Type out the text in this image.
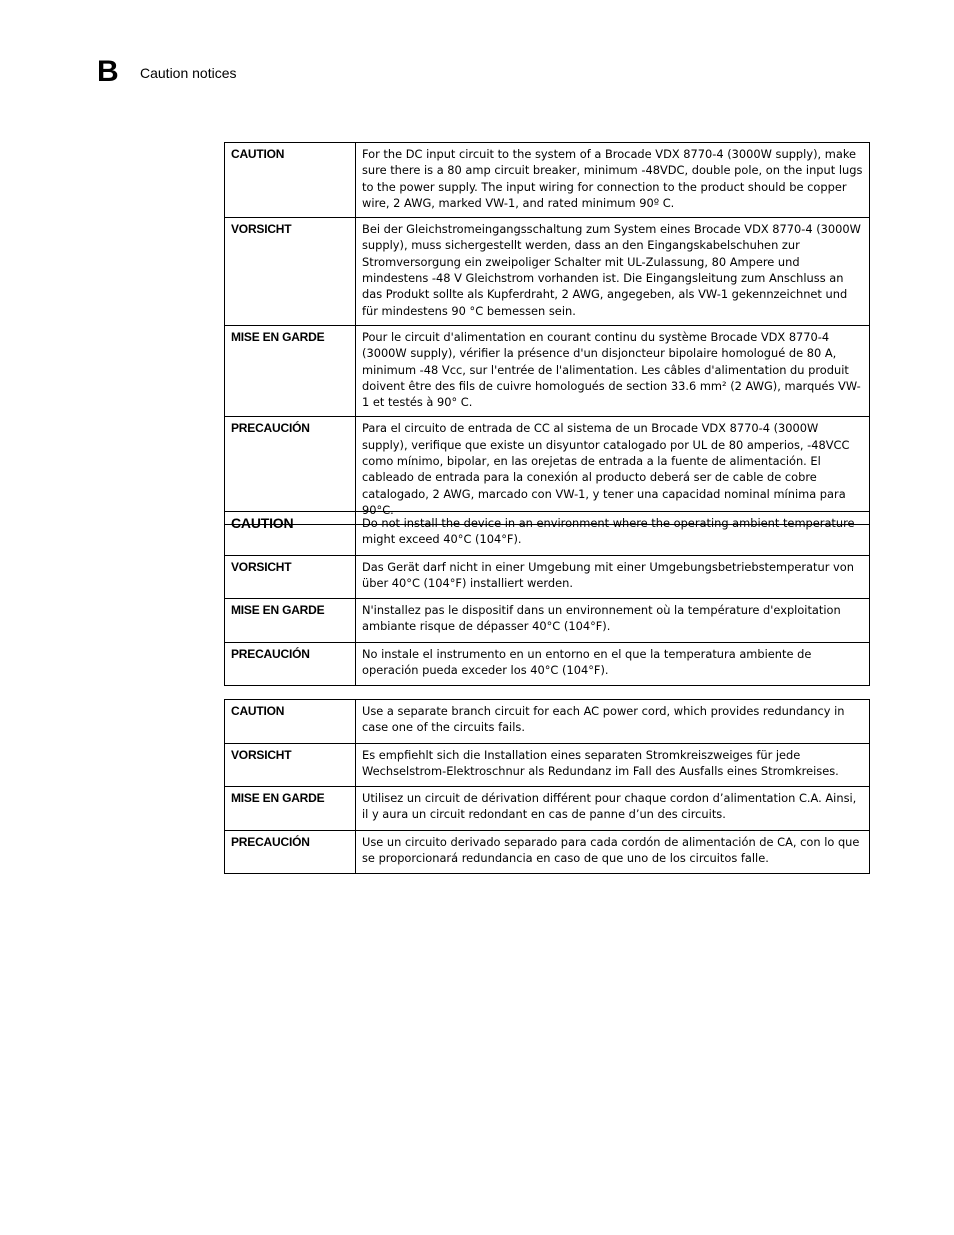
B Caution notices
CAUTION	For the DC input circuit to the system of a Brocade VDX 8770-4 (3000W supply), make sure there is a 80 amp circuit breaker, minimum -48VDC, double pole, on the input lugs to the power supply. The input wiring for connection to the product should be copper wire, 2 AWG, marked VW-1, and rated minimum 90º C.
VORSICHT	Bei der Gleichstromeingangsschaltung zum System eines Brocade VDX 8770-4 (3000W supply), muss sichergestellt werden, dass an den Eingangskabelschuhen zur Stromversorgung ein zweipoliger Schalter mit UL-Zulassung, 80 Ampere und mindestens -48 V Gleichstrom vorhanden ist. Die Eingangsleitung zum Anschluss an das Produkt sollte als Kupferdraht, 2 AWG, angegeben, als VW-1 gekennzeichnet und für mindestens 90 °C bemessen sein.
MISE EN GARDE	Pour le circuit d'alimentation en courant continu du système Brocade VDX 8770-4 (3000W supply), vérifier la présence d'un disjoncteur bipolaire homologué de 80 A, minimum -48 Vcc, sur l'entrée de l'alimentation. Les câbles d'alimentation du produit doivent être des fils de cuivre homologués de section 33.6 mm² (2 AWG), marqués VW-1 et testés à 90° C.
PRECAUCIÓN	Para el circuito de entrada de CC al sistema de un Brocade VDX 8770-4 (3000W supply), verifique que existe un disyuntor catalogado por UL de 80 amperios, -48VCC como mínimo, bipolar, en las orejetas de entrada a la fuente de alimentación. El cableado de entrada para la conexión al producto deberá ser de cable de cobre catalogado, 2 AWG, marcado con VW-1, y tener una capacidad nominal mínima para 90°C.
CAUTION	Do not install the device in an environment where the operating ambient temperature might exceed 40°C (104°F).
VORSICHT	Das Gerät darf nicht in einer Umgebung mit einer Umgebungsbetriebstemperatur von über 40°C (104°F) installiert werden.
MISE EN GARDE	N'installez pas le dispositif dans un environnement où la température d'exploitation ambiante risque de dépasser 40°C (104°F).
PRECAUCIÓN	No instale el instrumento en un entorno en el que la temperatura ambiente de operación pueda exceder los 40°C (104°F).
CAUTION	Use a separate branch circuit for each AC power cord, which provides redundancy in case one of the circuits fails.
VORSICHT	Es empfiehlt sich die Installation eines separaten Stromkreiszweiges für jede Wechselstrom-Elektroschnur als Redundanz im Fall des Ausfalls eines Stromkreises.
MISE EN GARDE	Utilisez un circuit de dérivation différent pour chaque cordon d’alimentation C.A. Ainsi, il y aura un circuit redondant en cas de panne d’un des circuits.
PRECAUCIÓN	Use un circuito derivado separado para cada cordón de alimentación de CA, con lo que se proporcionará redundancia en caso de que uno de los circuitos falle.
